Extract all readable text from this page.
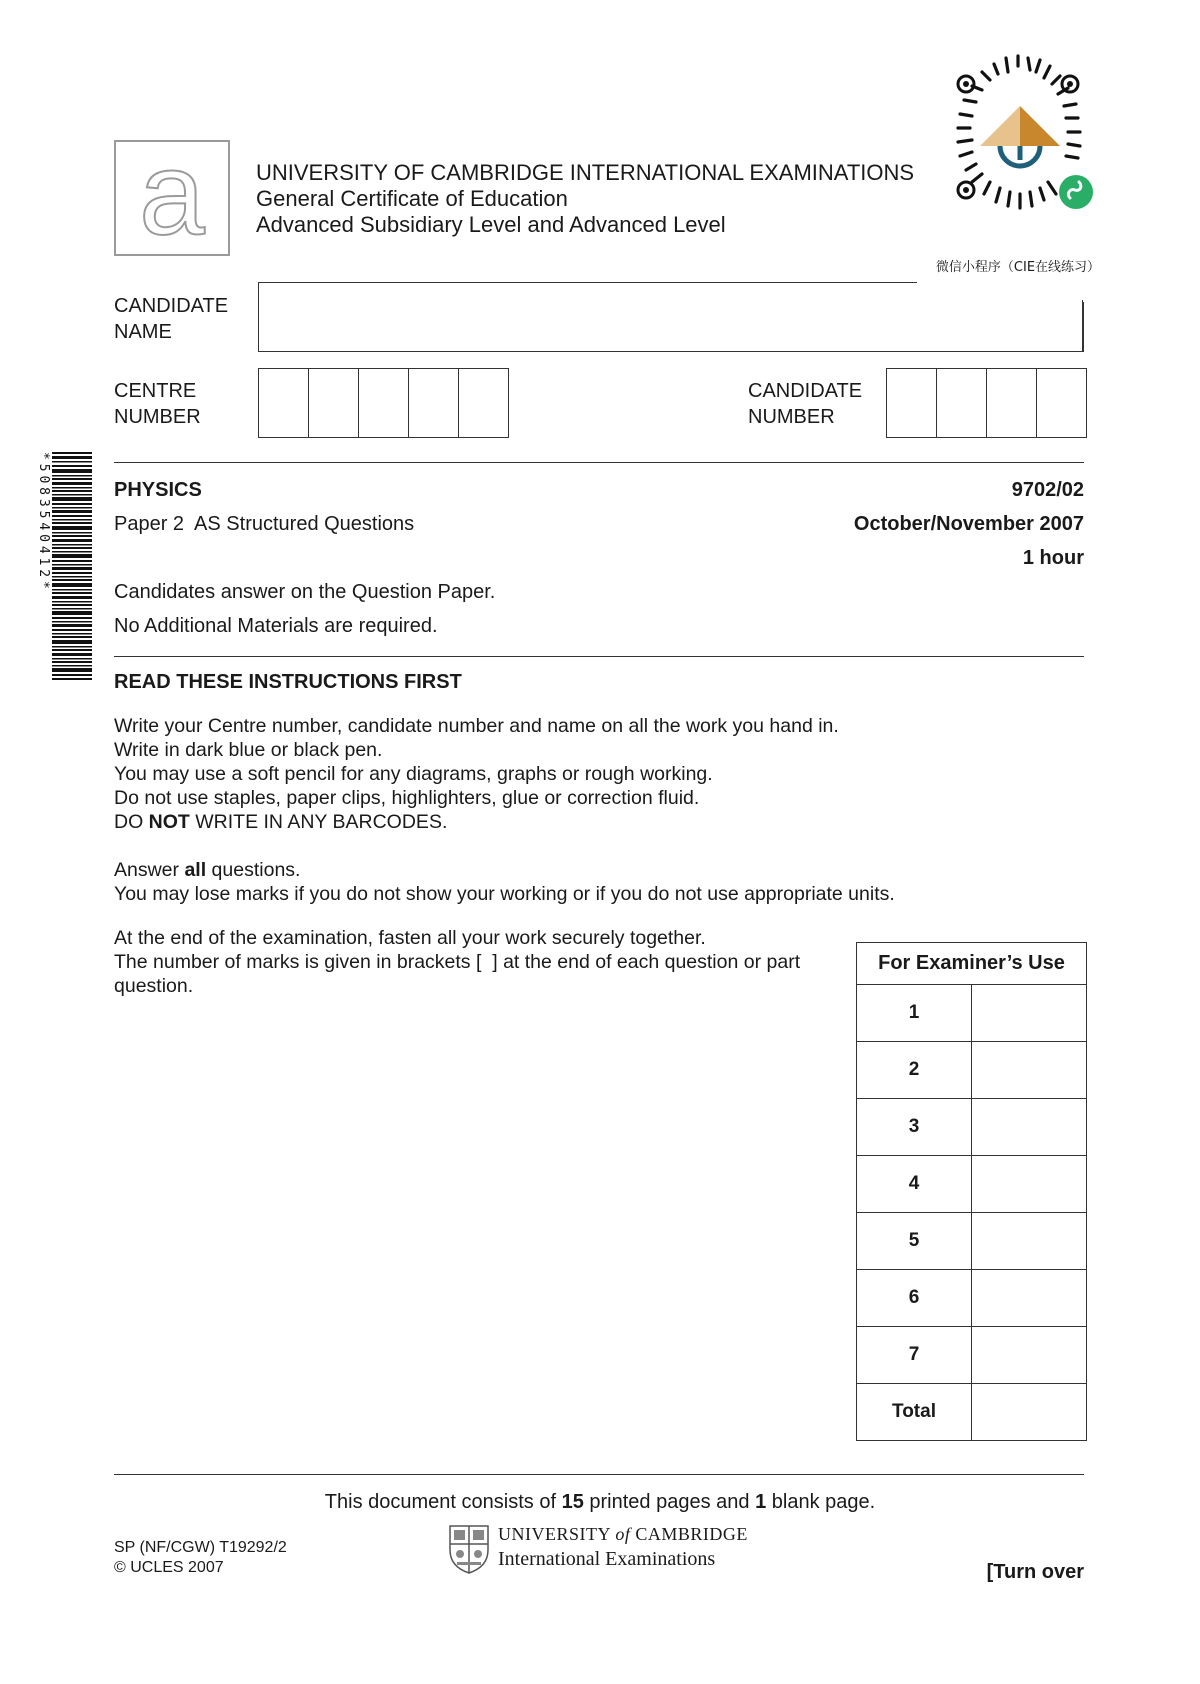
a UNIVERSITY OF CAMBRIDGE INTERNATIONAL EXAMINATIONS
General Certificate of Education
Advanced Subsidiary Level and Advanced Level
微信小程序（CIE在线练习）
CANDIDATE
NAME
CENTRE
NUMBER
CANDIDATE
NUMBER
*5083540412*	PHYSICS	9702/02
Paper 2  AS Structured Questions	October/November 2007
1 hour
Candidates answer on the Question Paper.
No Additional Materials are required.
READ THESE INSTRUCTIONS FIRST
Write your Centre number, candidate number and name on all the work you hand in.
Write in dark blue or black pen.
You may use a soft pencil for any diagrams, graphs or rough working.
Do not use staples, paper clips, highlighters, glue or correction fluid.
DO NOT WRITE IN ANY BARCODES.
Answer all questions.
You may lose marks if you do not show your working or if you do not use appropriate units.
At the end of the examination, fasten all your work securely together.
The number of marks is given in brackets [  ] at the end of each question or part
question.
For Examiner’s Use	
1	
2	
3	
4	
5	
6	
7	
Total	
This document consists of 15 printed pages and 1 blank page.
SP (NF/CGW) T19292/2
© UCLES 2007
UNIVERSITY of CAMBRIDGE
International Examinations
[Turn over
